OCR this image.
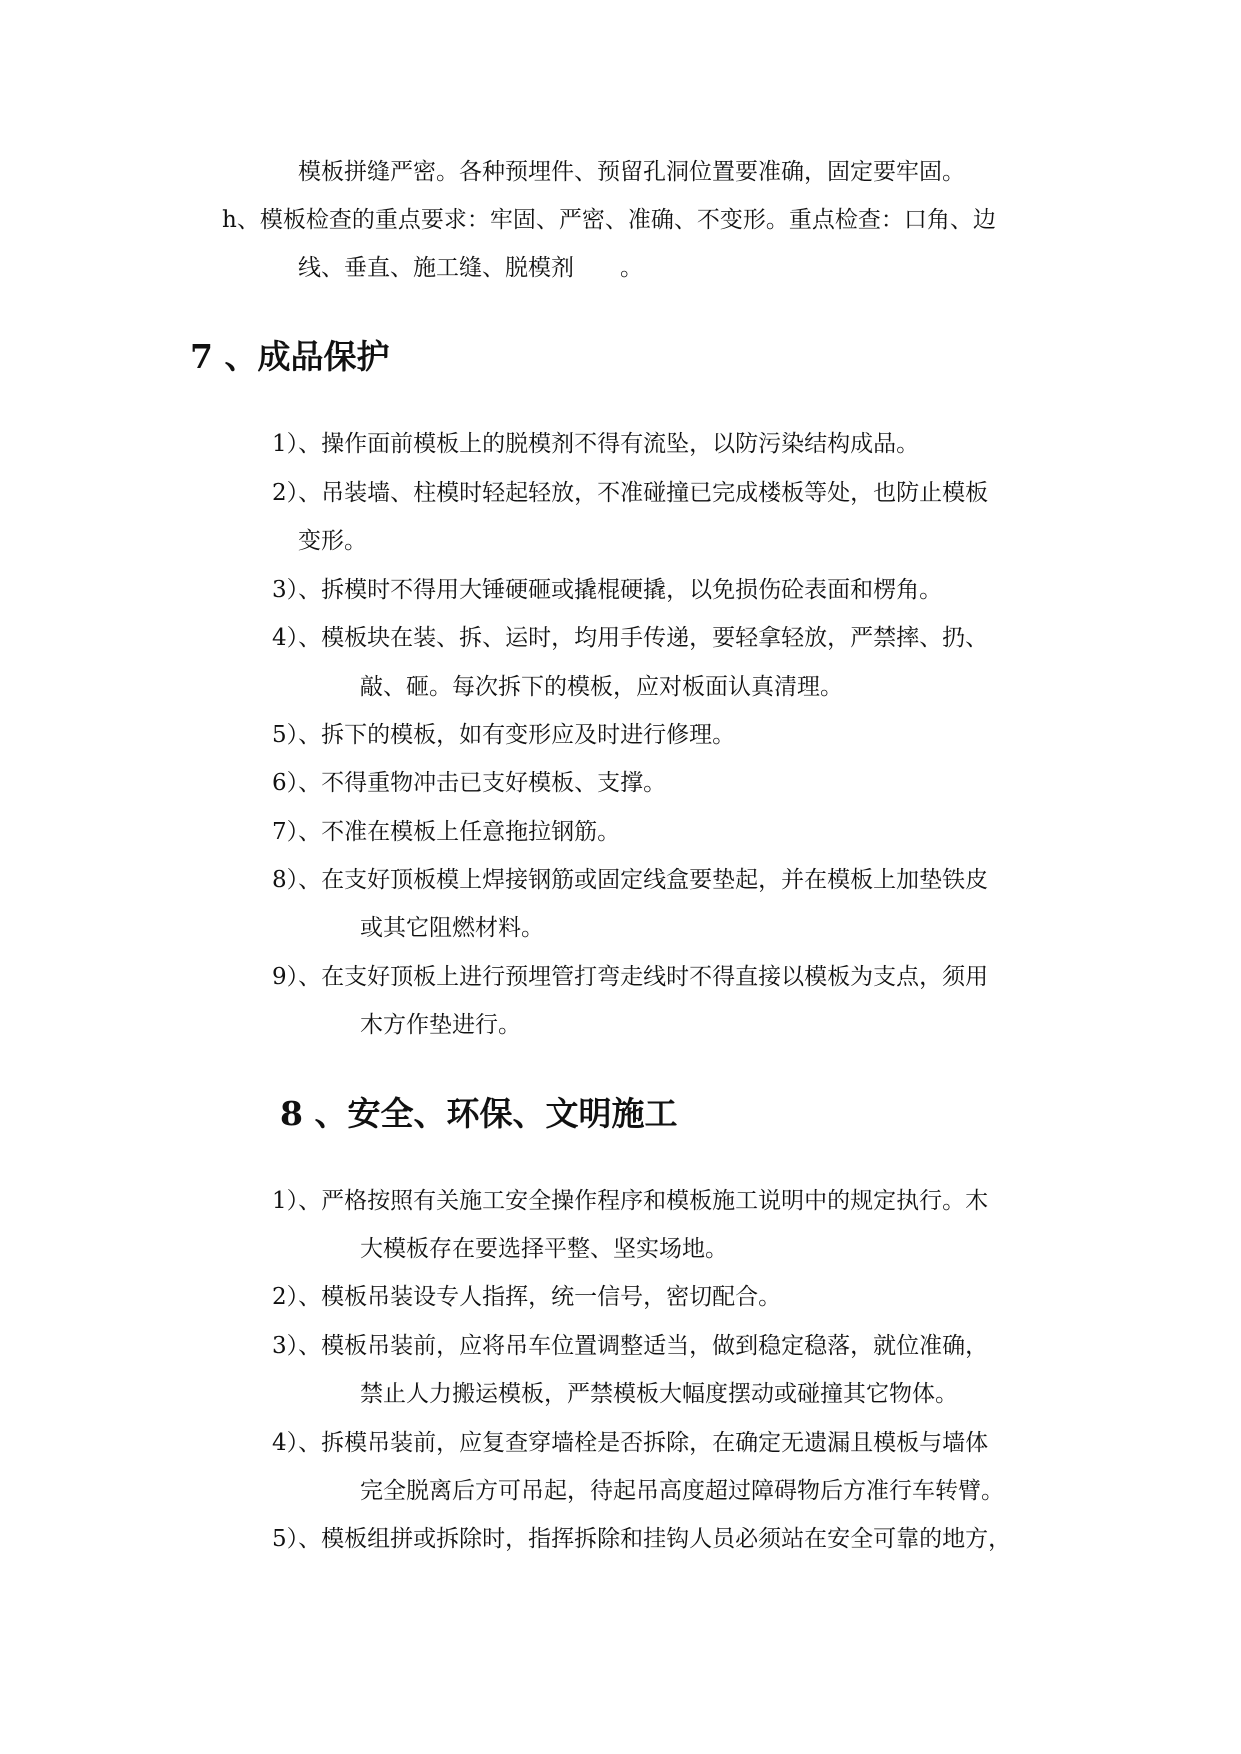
模板拼缝严密。各种预埋件、预留孔洞位置要准确，固定要牢固。
h、模板检查的重点要求：牢固、严密、准确、不变形。重点检查：口角、边
线、垂直、施工缝、脱模剂　　。
7 、成品保护
1）、操作面前模板上的脱模剂不得有流坠，以防污染结构成品。
2）、吊装墙、柱模时轻起轻放，不准碰撞已完成楼板等处，也防止模板
变形。
3）、拆模时不得用大锤硬砸或撬棍硬撬，以免损伤砼表面和楞角。
4）、模板块在装、拆、运时，均用手传递，要轻拿轻放，严禁摔、扔、
敲、砸。每次拆下的模板，应对板面认真清理。
5）、拆下的模板，如有变形应及时进行修理。
6）、不得重物冲击已支好模板、支撑。
7）、不准在模板上任意拖拉钢筋。
8）、在支好顶板模上焊接钢筋或固定线盒要垫起，并在模板上加垫铁皮
或其它阻燃材料。
9）、在支好顶板上进行预埋管打弯走线时不得直接以模板为支点，须用
木方作垫进行。
8 、安全、环保、文明施工
1）、严格按照有关施工安全操作程序和模板施工说明中的规定执行。木
大模板存在要选择平整、坚实场地。
2）、模板吊装设专人指挥，统一信号，密切配合。
3）、模板吊装前，应将吊车位置调整适当，做到稳定稳落，就位准确，
禁止人力搬运模板，严禁模板大幅度摆动或碰撞其它物体。
4）、拆模吊装前，应复查穿墙栓是否拆除，在确定无遗漏且模板与墙体
完全脱离后方可吊起，待起吊高度超过障碍物后方准行车转臂。
5）、模板组拼或拆除时，指挥拆除和挂钩人员必须站在安全可靠的地方，
